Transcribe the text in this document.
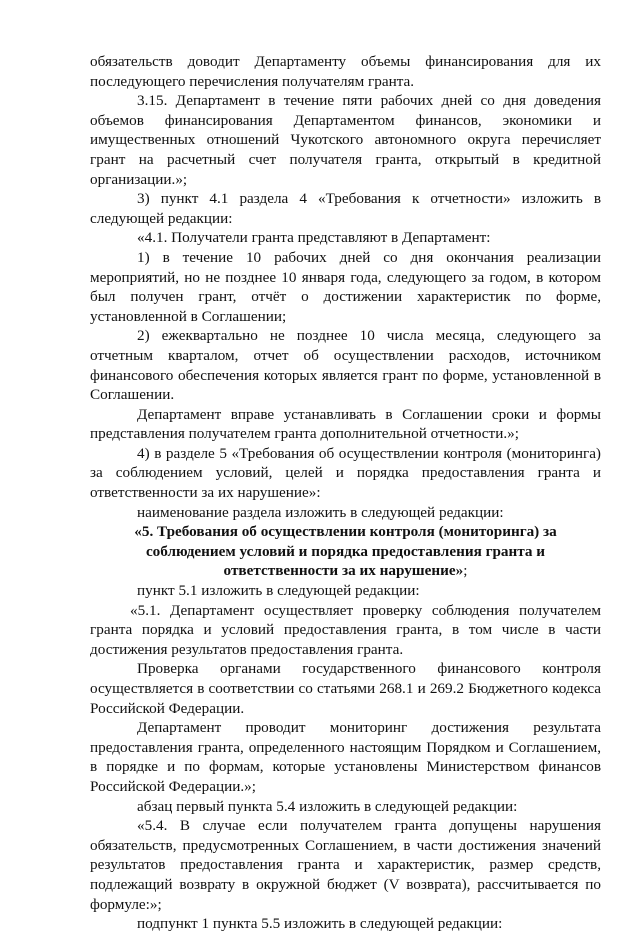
обязательств доводит Департаменту объемы финансирования для их последующего перечисления получателям гранта.

3.15. Департамент в течение пяти рабочих дней со дня доведения объемов финансирования Департаментом финансов, экономики и имущественных отношений Чукотского автономного округа перечисляет грант на расчетный счет получателя гранта, открытый в кредитной организации.»;

3) пункт 4.1 раздела 4 «Требования к отчетности» изложить в следующей редакции:

«4.1. Получатели гранта представляют в Департамент:

1) в течение 10 рабочих дней со дня окончания реализации мероприятий, но не позднее 10 января года, следующего за годом, в котором был получен грант, отчёт о достижении характеристик по форме, установленной в Соглашении;

2) ежеквартально не позднее 10 числа месяца, следующего за отчетным кварталом, отчет об осуществлении расходов, источником финансового обеспечения которых является грант по форме, установленной в Соглашении.

Департамент вправе устанавливать в Соглашении сроки и формы представления получателем гранта дополнительной отчетности.»;

4) в разделе 5 «Требования об осуществлении контроля (мониторинга) за соблюдением условий, целей и порядка предоставления гранта и ответственности за их нарушение»:

наименование раздела изложить в следующей редакции:

«5. Требования об осуществлении контроля (мониторинга) за соблюдением условий и порядка предоставления гранта и ответственности за их нарушение»;

пункт 5.1 изложить в следующей редакции:

«5.1. Департамент осуществляет проверку соблюдения получателем гранта порядка и условий предоставления гранта, в том числе в части достижения результатов предоставления гранта.

Проверка органами государственного финансового контроля осуществляется в соответствии со статьями 268.1 и 269.2 Бюджетного кодекса Российской Федерации.

Департамент проводит мониторинг достижения результата предоставления гранта, определенного настоящим Порядком и Соглашением, в порядке и по формам, которые установлены Министерством финансов Российской Федерации.»;

абзац первый пункта 5.4 изложить в следующей редакции:

«5.4. В случае если получателем гранта допущены нарушения обязательств, предусмотренных Соглашением, в части достижения значений результатов предоставления гранта и характеристик, размер средств, подлежащий возврату в окружной бюджет (V возврата), рассчитывается по формуле:»;

подпункт 1 пункта 5.5 изложить в следующей редакции:
